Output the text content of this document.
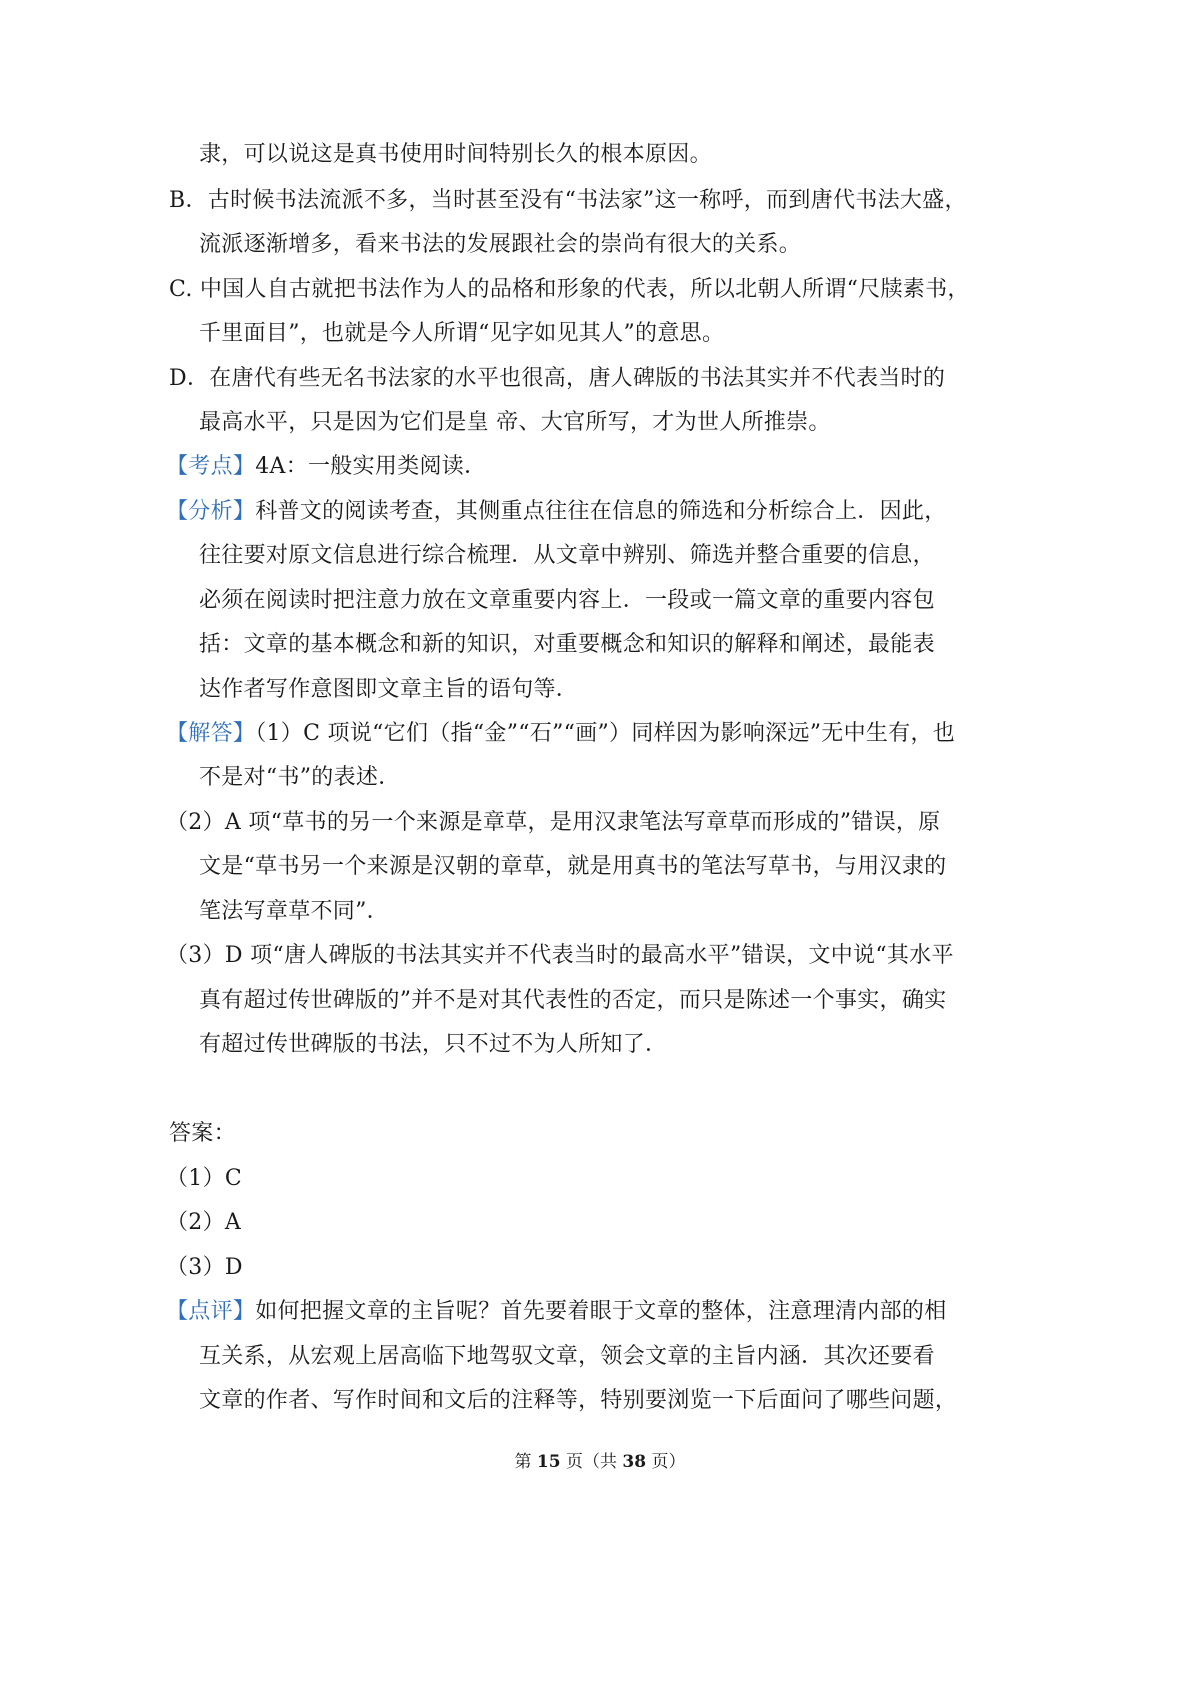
隶，可以说这是真书使用时间特别长久的根本原因。
B．古时候书法流派不多，当时甚至没有“书法家”这一称呼，而到唐代书法大盛，
流派逐渐增多，看来书法的发展跟社会的崇尚有很大的关系。
C. 中国人自古就把书法作为人的品格和形象的代表，所以北朝人所谓“尺牍素书，
千里面目”，也就是今人所谓“见字如见其人”的意思。
D．在唐代有些无名书法家的水平也很高，唐人碑版的书法其实并不代表当时的
最高水平，只是因为它们是皇 帝、大官所写，才为世人所推崇。
【考点】4A：一般实用类阅读．
【分析】科普文的阅读考查，其侧重点往往在信息的筛选和分析综合上．因此，
往往要对原文信息进行综合梳理．从文章中辨别、筛选并整合重要的信息，
必须在阅读时把注意力放在文章重要内容上．一段或一篇文章的重要内容包
括：文章的基本概念和新的知识，对重要概念和知识的解释和阐述，最能表
达作者写作意图即文章主旨的语句等．
【解答】（1）C 项说“它们（指“金”“石”“画”）同样因为影响深远”无中生有，也
不是对“书”的表述．
（2）A 项“草书的另一个来源是章草，是用汉隶笔法写章草而形成的”错误，原
文是“草书另一个来源是汉朝的章草，就是用真书的笔法写草书，与用汉隶的
笔法写章草不同”．
（3）D 项“唐人碑版的书法其实并不代表当时的最高水平”错误，文中说“其水平
真有超过传世碑版的”并不是对其代表性的否定，而只是陈述一个事实，确实
有超过传世碑版的书法，只不过不为人所知了．
答案：
（1）C
（2）A
（3）D
【点评】如何把握文章的主旨呢？首先要着眼于文章的整体，注意理清内部的相
互关系，从宏观上居高临下地驾驭文章，领会文章的主旨内涵．其次还要看
文章的作者、写作时间和文后的注释等，特别要浏览一下后面问了哪些问题，
第 15 页（共 38 页）
